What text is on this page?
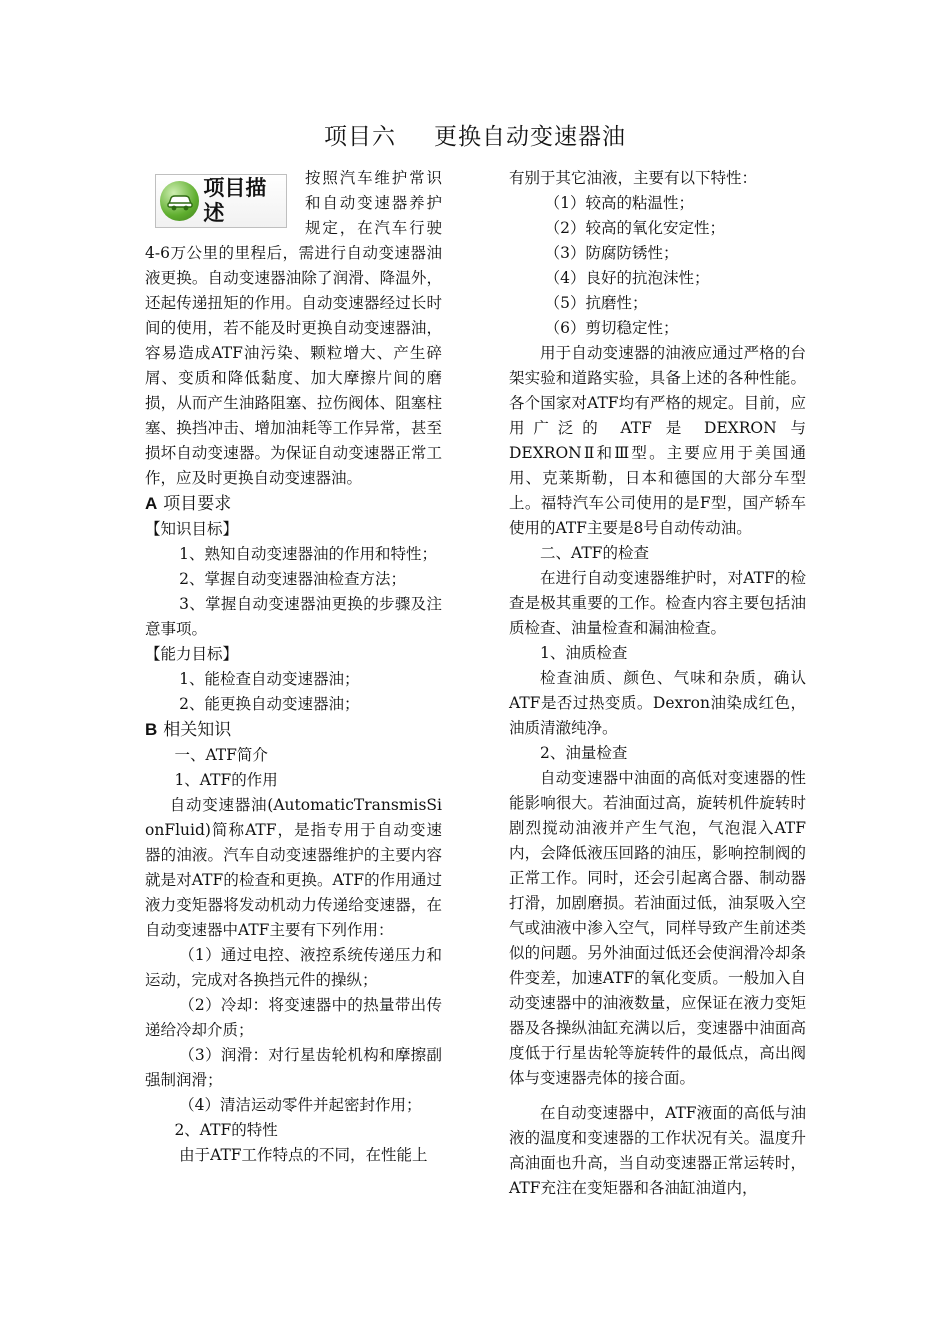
项目六 更换自动变速器油
项目描述

按照汽车维护常识和自动变速器养护规定，在汽车行驶4-6万公里的里程后，需进行自动变速器油液更换。自动变速器油除了润滑、降温外，还起传递扭矩的作用。自动变速器经过长时间的使用，若不能及时更换自动变速器油，容易造成ATF油污染、颗粒增大、产生碎屑、变质和降低黏度、加大摩擦片间的磨损，从而产生油路阻塞、拉伤阀体、阻塞柱塞、换挡冲击、增加油耗等工作异常，甚至损坏自动变速器。为保证自动变速器正常工作，应及时更换自动变速器油。

A 项目要求

【知识目标】

1、熟知自动变速器油的作用和特性；

2、掌握自动变速器油检查方法；

3、掌握自动变速器油更换的步骤及注意事项。

【能力目标】

1、能检查自动变速器油；

2、能更换自动变速器油；

B 相关知识

一、ATF简介

1、ATF的作用

自动变速器油(AutomaticTransmisSionFluid)简称ATF，是指专用于自动变速器的油液。汽车自动变速器维护的主要内容就是对ATF的检查和更换。ATF的作用通过液力变矩器将发动机动力传递给变速器，在自动变速器中ATF主要有下列作用：

（1）通过电控、液控系统传递压力和运动，完成对各换挡元件的操纵；

（2）冷却：将变速器中的热量带出传递给冷却介质；

（3）润滑：对行星齿轮机构和摩擦副强制润滑；

（4）清洁运动零件并起密封作用；

2、ATF的特性

由于ATF工作特点的不同，在性能上

有别于其它油液，主要有以下特性：

（1）较高的粘温性；

（2）较高的氧化安定性；

（3）防腐防锈性；

（4）良好的抗泡沫性；

（5）抗磨性；

（6）剪切稳定性；

用于自动变速器的油液应通过严格的台架实验和道路实验，具备上述的各种性能。各个国家对ATF均有严格的规定。目前，应用广泛的 ATF 是 DEXRON 与 DEXRONⅡ和Ⅲ型。主要应用于美国通用、克莱斯勒，日本和德国的大部分车型上。福特汽车公司使用的是F型，国产轿车使用的ATF主要是8号自动传动油。

二、ATF的检查

在进行自动变速器维护时，对ATF的检查是极其重要的工作。检查内容主要包括油质检查、油量检查和漏油检查。

1、油质检查

检查油质、颜色、气味和杂质，确认ATF是否过热变质。Dexron油染成红色，油质清澈纯净。

2、油量检查

自动变速器中油面的高低对变速器的性能影响很大。若油面过高，旋转机件旋转时剧烈搅动油液并产生气泡，气泡混入ATF内，会降低液压回路的油压，影响控制阀的正常工作。同时，还会引起离合器、制动器打滑，加剧磨损。若油面过低，油泵吸入空气或油液中渗入空气，同样导致产生前述类似的问题。另外油面过低还会使润滑冷却条件变差，加速ATF的氧化变质。一般加入自动变速器中的油液数量，应保证在液力变矩器及各操纵油缸充满以后，变速器中油面高度低于行星齿轮等旋转件的最低点，高出阀体与变速器壳体的接合面。

在自动变速器中，ATF液面的高低与油液的温度和变速器的工作状况有关。温度升高油面也升高，当自动变速器正常运转时，ATF充注在变矩器和各油缸油道内，
